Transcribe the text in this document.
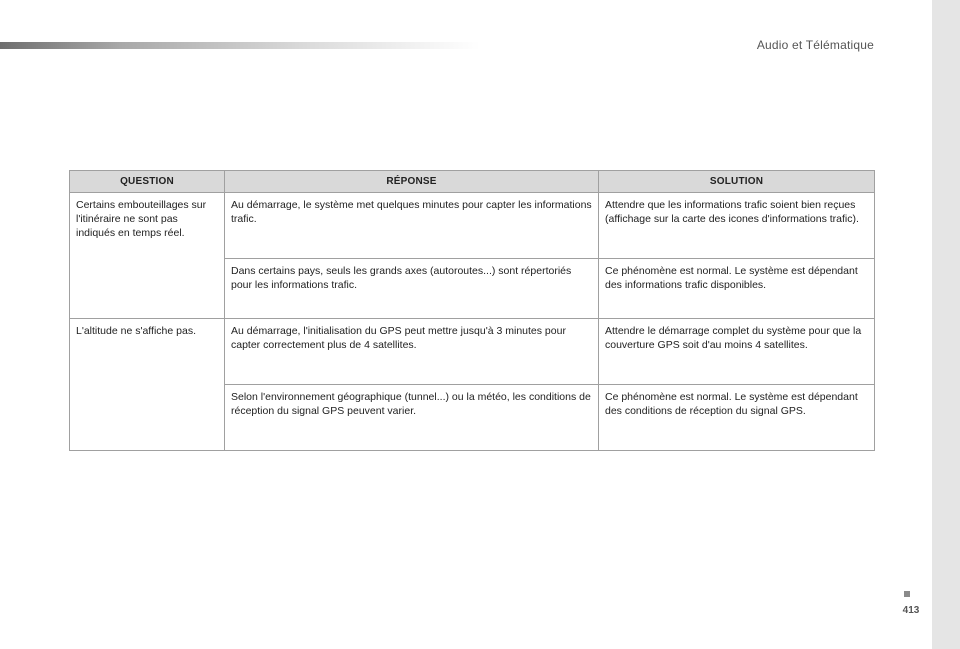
Audio et Télématique
QUESTION	RÉPONSE	SOLUTION
Certains embouteillages sur l'itinéraire ne sont pas indiqués en temps réel.	Au démarrage, le système met quelques minutes pour capter les informations trafic.	Attendre que les informations trafic soient bien reçues (affichage sur la carte des icones d'informations trafic).
	Dans certains pays, seuls les grands axes (autoroutes...) sont répertoriés pour les informations trafic.	Ce phénomène est normal. Le système est dépendant des informations trafic disponibles.
L'altitude ne s'affiche pas.	Au démarrage, l'initialisation du GPS peut mettre jusqu'à 3 minutes pour capter correctement plus de 4 satellites.	Attendre le démarrage complet du système pour que la couverture GPS soit d'au moins 4 satellites.
	Selon l'environnement géographique (tunnel...) ou la météo, les conditions de réception du signal GPS peuvent varier.	Ce phénomène est normal. Le système est dépendant des conditions de réception du signal GPS.
413
